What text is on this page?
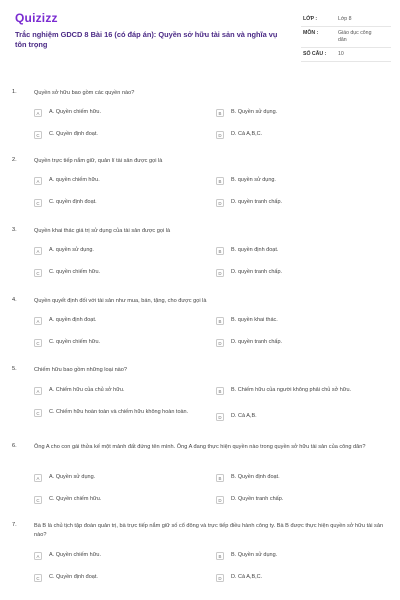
Quizizz
Trắc nghiệm GDCD 8 Bài 16 (có đáp án): Quyền sở hữu tài sản và nghĩa vụ tôn trọng
LỚP :	Lớp 8
MÔN :	Giáo dục công dân
SỐ CÂU : 10
1.	Quyền sở hữu bao gồm các quyền nào?
A	A. Quyền chiếm hữu.	B	B. Quyền sử dụng.
C	C. Quyền định đoạt.	D	D. Cả A,B,C.
2.	Quyền trực tiếp nắm giữ, quản lí tài sản được gọi là
A	A. quyền chiếm hữu.	B	B. quyền sử dụng.
C	C. quyền định đoạt.	D	D. quyền tranh chấp.
3.	Quyền khai thác giá trị sử dụng của tài sản được gọi là
A	A. quyền sử dụng.	B	B. quyền định đoạt.
C	C. quyền chiếm hữu.	D	D. quyền tranh chấp.
4.	Quyền quyết định đối với tài sản như mua, bán, tặng, cho được gọi là
A	A. quyền định đoạt.	B	B. quyền khai thác.
C	C. quyền chiếm hữu.	D	D. quyền tranh chấp.
5.	Chiếm hữu bao gồm những loại nào?
A	A. Chiếm hữu của chủ sở hữu.	B	B. Chiếm hữu của người không phải chủ sở hữu.
C	C. Chiếm hữu hoàn toàn và chiếm hữu không hoàn toàn.
D	D. Cả A,B.
6.	Ông A cho con gái thửa kế một mảnh đất đứng tên mình. Ông A đang thực hiện quyền nào trong quyền sở hữu tài sản của công dân?
A	A. Quyền sử dụng.	B	B. Quyền định đoạt.
C	C. Quyền chiếm hữu.	D	D. Quyền tranh chấp.
7.	Bà B là chủ tịch tập đoàn quản trị, bà trực tiếp nắm giữ số cổ đông và trực tiếp điều hành công ty. Bà B được thực hiện quyền sở hữu tài sản nào?
A	A. Quyền chiếm hữu.	B	B. Quyền sử dụng.
C	C. Quyền định đoạt.	D	D. Cả A,B,C.
